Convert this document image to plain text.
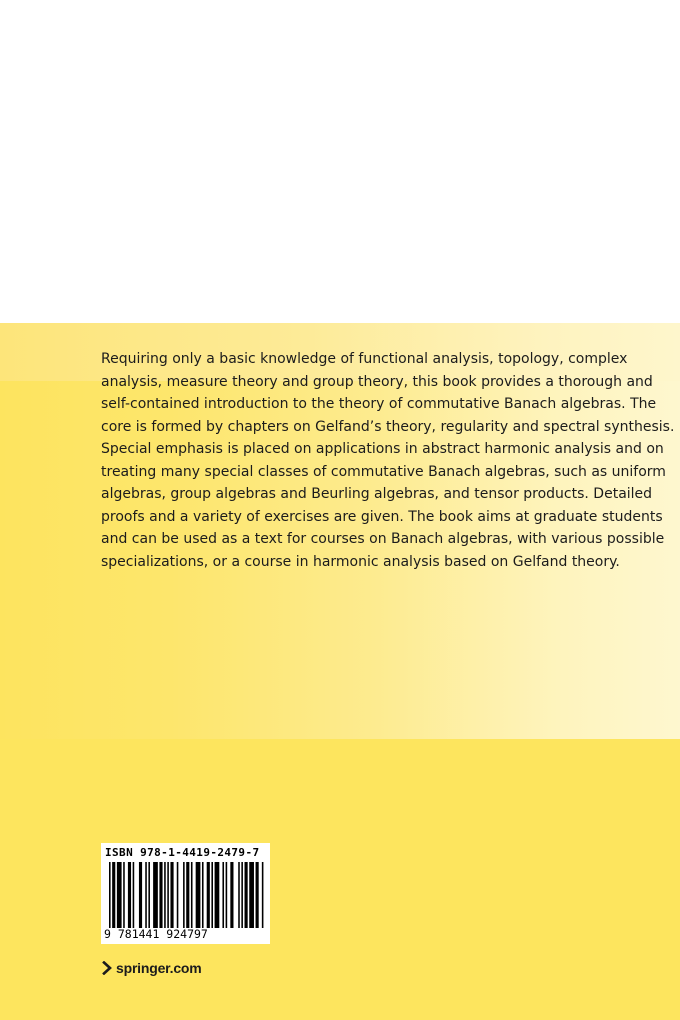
Requiring only a basic knowledge of functional analysis, topology, complex
analysis, measure theory and group theory, this book provides a thorough and
self-contained introduction to the theory of commutative Banach algebras. The
core is formed by chapters on Gelfand’s theory, regularity and spectral synthesis.
Special emphasis is placed on applications in abstract harmonic analysis and on
treating many special classes of commutative Banach algebras, such as uniform
algebras, group algebras and Beurling algebras, and tensor products. Detailed
proofs and a variety of exercises are given. The book aims at graduate students
and can be used as a text for courses on Banach algebras, with various possible
specializations, or a course in harmonic analysis based on Gelfand theory.

ISBN 978-1-4419-2479-7
9 781441 924797
springer.com
